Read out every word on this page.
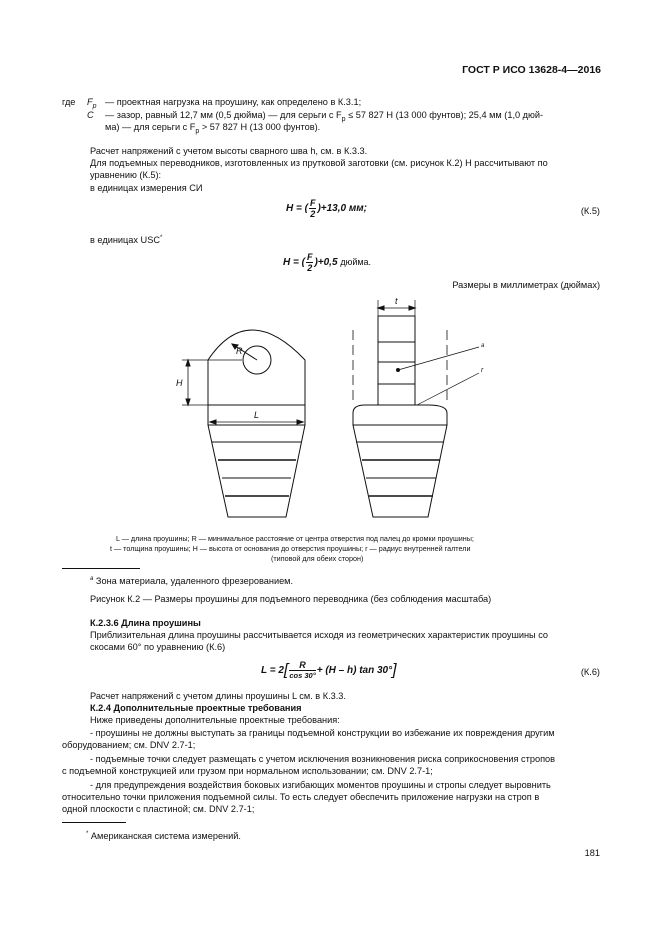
ГОСТ Р ИСО 13628-4—2016
где $F_p$ — проектная нагрузка на проушину, как определено в К.3.1;
C — зазор, равный 12,7 мм (0,5 дюйма) — для серьги с $F_p \le 57$ 827 Н (13 000 фунтов); 25,4 мм (1,0 дюй-
ма) — для серьги с $F_p > 57$ 827 Н (13 000 фунтов).
Расчет напряжений с учетом высоты сварного шва h, см. в К.3.3.
Для подъемных переводников, изготовленных из прутковой заготовки (см. рисунок К.2) H рассчитывают по
уравнению (К.5):
в единицах измерения СИ
H = ( $\frac{F}{2} )+13,0$ мм;	(К.5)
в единицах USC*
H = ( $\frac{F}{2} )+0,5$ дюйма.
Размеры в миллиметрах (дюймах)
R
H
L
t
a
r
L — длина проушины; R — минимальное расстояние от центра отверстия под палец до кромки проушины;
t — толщина проушины; H — высота от основания до отверстия проушины; r — радиус внутренней галтели
(типовой для обеих сторон)
$^a$ Зона материала, удаленного фрезерованием.
Рисунок К.2 — Размеры проушины для подъемного переводника (без соблюдения масштаба)
К.2.3.6 Длина проушины
Приблизительная длина проушины рассчитывается исходя из геометрических характеристик проушины со
скосами 60° по уравнению (К.6)
$L = 2[ \frac{R}{\cos 30^\circ} + (H - h)$ tan 30°]	(К.6)
Расчет напряжений с учетом длины проушины L см. в К.3.3.
К.2.4 Дополнительные проектные требования
Ниже приведены дополнительные проектные требования:
- проушины не должны выступать за границы подъемной конструкции во избежание их повреждения другим
оборудованием; см. DNV 2.7-1;
- подъемные точки следует размещать с учетом исключения возникновения риска соприкосновения стропов
с подъемной конструкцией или грузом при нормальном использовании; см. DNV 2.7-1;
- для предупреждения воздействия боковых изгибающих моментов проушины и стропы следует выровнить
относительно точки приложения подъемной силы. То есть следует обеспечить приложение нагрузки на строп в
одной плоскости с пластиной; см. DNV 2.7-1;
* Американская система измерений.
181
